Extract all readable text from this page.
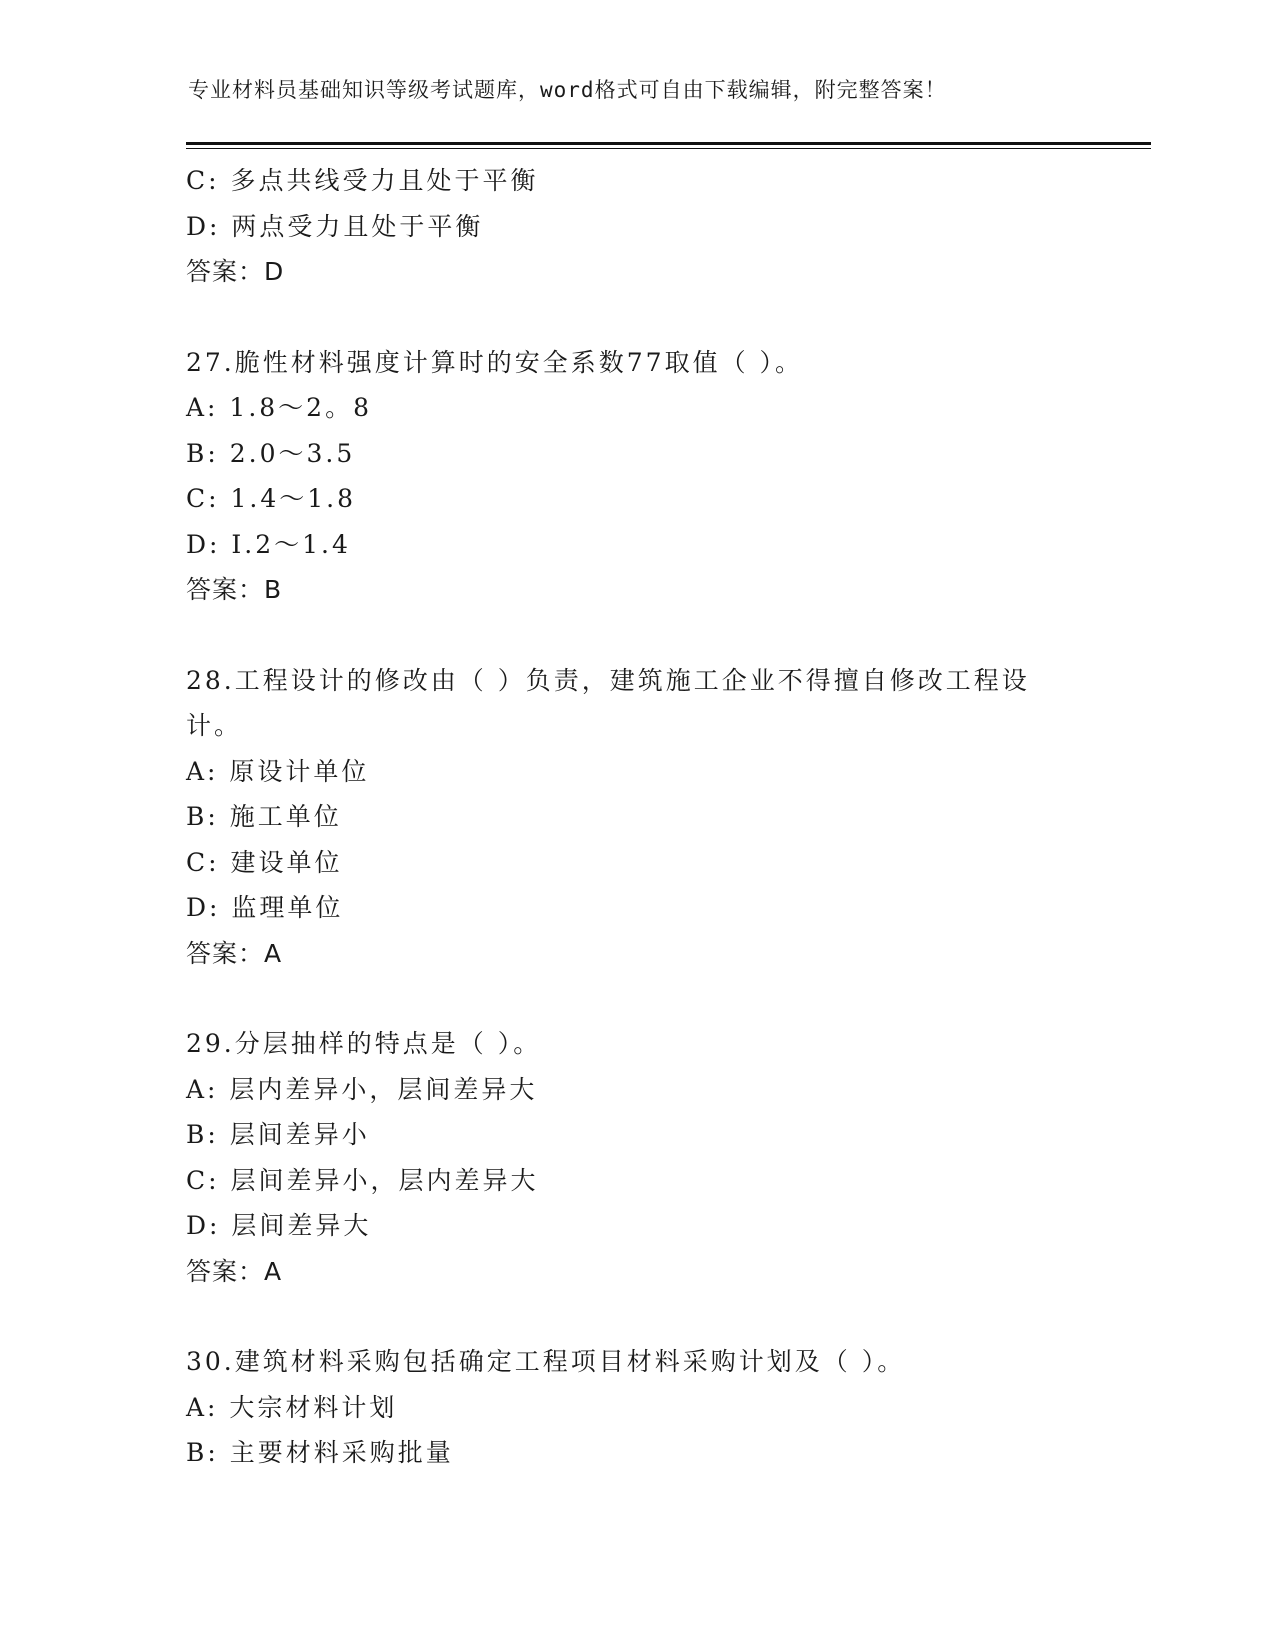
专业材料员基础知识等级考试题库，word格式可自由下载编辑，附完整答案！
C: 多点共线受力且处于平衡
D: 两点受力且处于平衡
答案：D
27.脆性材料强度计算时的安全系数77取值（ ）。
A: 1.8～2。8
B: 2.0～3.5
C: 1.4～1.8
D: I.2～1.4
答案：B
28.工程设计的修改由（ ）负责，建筑施工企业不得擅自修改工程设
计。
A: 原设计单位
B: 施工单位
C: 建设单位
D: 监理单位
答案：A
29.分层抽样的特点是（ ）。
A: 层内差异小，层间差异大
B: 层间差异小
C: 层间差异小，层内差异大
D: 层间差异大
答案：A
30.建筑材料采购包括确定工程项目材料采购计划及（ ）。
A: 大宗材料计划
B: 主要材料采购批量
